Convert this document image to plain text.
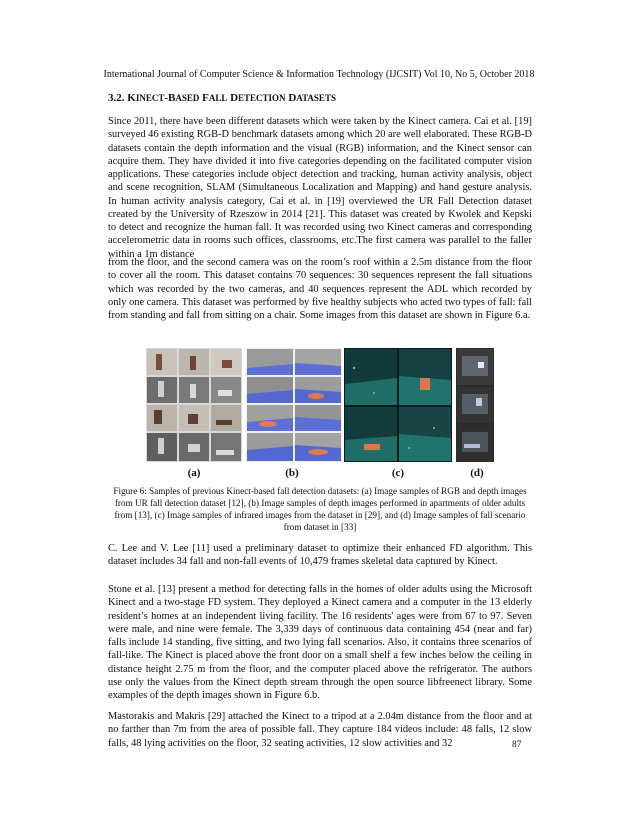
International Journal of Computer Science & Information Technology (IJCSIT) Vol 10, No 5, October 2018
3.2. KINECT-BASED FALL DETECTION DATASETS

Since 2011, there have been different datasets which were taken by the Kinect camera. Cai et al. [19] surveyed 46 existing RGB-D benchmark datasets among which 20 are well elaborated. These RGB-D datasets contain the depth information and the visual (RGB) information, and the Kinect sensor can acquire them. They have divided it into five categories depending on the facilitated computer vision applications. These categories include object detection and tracking, human activity analysis, object and scene recognition, SLAM (Simultaneous Localization and Mapping) and hand gesture analysis. In human activity analysis category, Cai et al. in [19] overviewed the UR Fall Detection dataset created by the University of Rzeszow in 2014 [21]. This dataset was created by Kwolek and Kepski to detect and recognize the human fall. It was recorded using two Kinect cameras and corresponding accelerometric data in rooms such offices, classrooms, etc.The first camera was parallel to the faller within a 1m distance

from the floor, and the second camera was on the room’s roof within a 2.5m distance from the floor to cover all the room. This dataset contains 70 sequences: 30 sequences represent the fall situations which was recorded by the two cameras, and 40 sequences represent the ADL which recorded by only one camera. This dataset was performed by five healthy subjects who acted two types of fall: fall from standing and fall from sitting on a chair. Some images from this dataset are shown in Figure 6.a.

(a)	(b)	(c)	(d)
Figure 6: Samples of previous Kinect-based fall detection datasets: (a) Image samples of RGB and depth images from UR fall detection dataset [12], (b) Image samples of depth images performed in apartments of older adults from [13], (c) Image samples of infrared images from the dataset in [29], and (d) Image samples of fall scenario from dataset in [33]

C. Lee and V. Lee [11] used a preliminary dataset to optimize their enhanced FD algorithm. This dataset includes 34 fall and non-fall events of 10,479 frames skeletal data captured by Kinect.

Stone et al. [13] present a method for detecting falls in the homes of older adults using the Microsoft Kinect and a two-stage FD system. They deployed a Kinect camera and a computer in the 13 elderly resident’s homes at an independent living facility. The 16 residents' ages were from 67 to 97. Seven were male, and nine were female. The 3,339 days of continuous data containing 454 (near and far) falls include 14 standing, five sitting, and two lying fall scenarios. Also, it contains three scenarios of fall-like. The Kinect is placed above the front door on a small shelf a few inches below the ceiling in distance height 2.75 m from the floor, and the computer placed above the refrigerator. The authors use only the values from the Kinect depth stream through the open source libfreenect library. Some examples of the depth images shown in Figure 6.b.

Mastorakis and Makris [29] attached the Kinect to a tripod at a 2.04m distance from the floor and at no farther than 7m from the area of possible fall. They capture 184 videos include: 48 falls, 12 slow falls, 48 lying activities on the floor, 32 seating activities, 12 slow activities and 32	87
